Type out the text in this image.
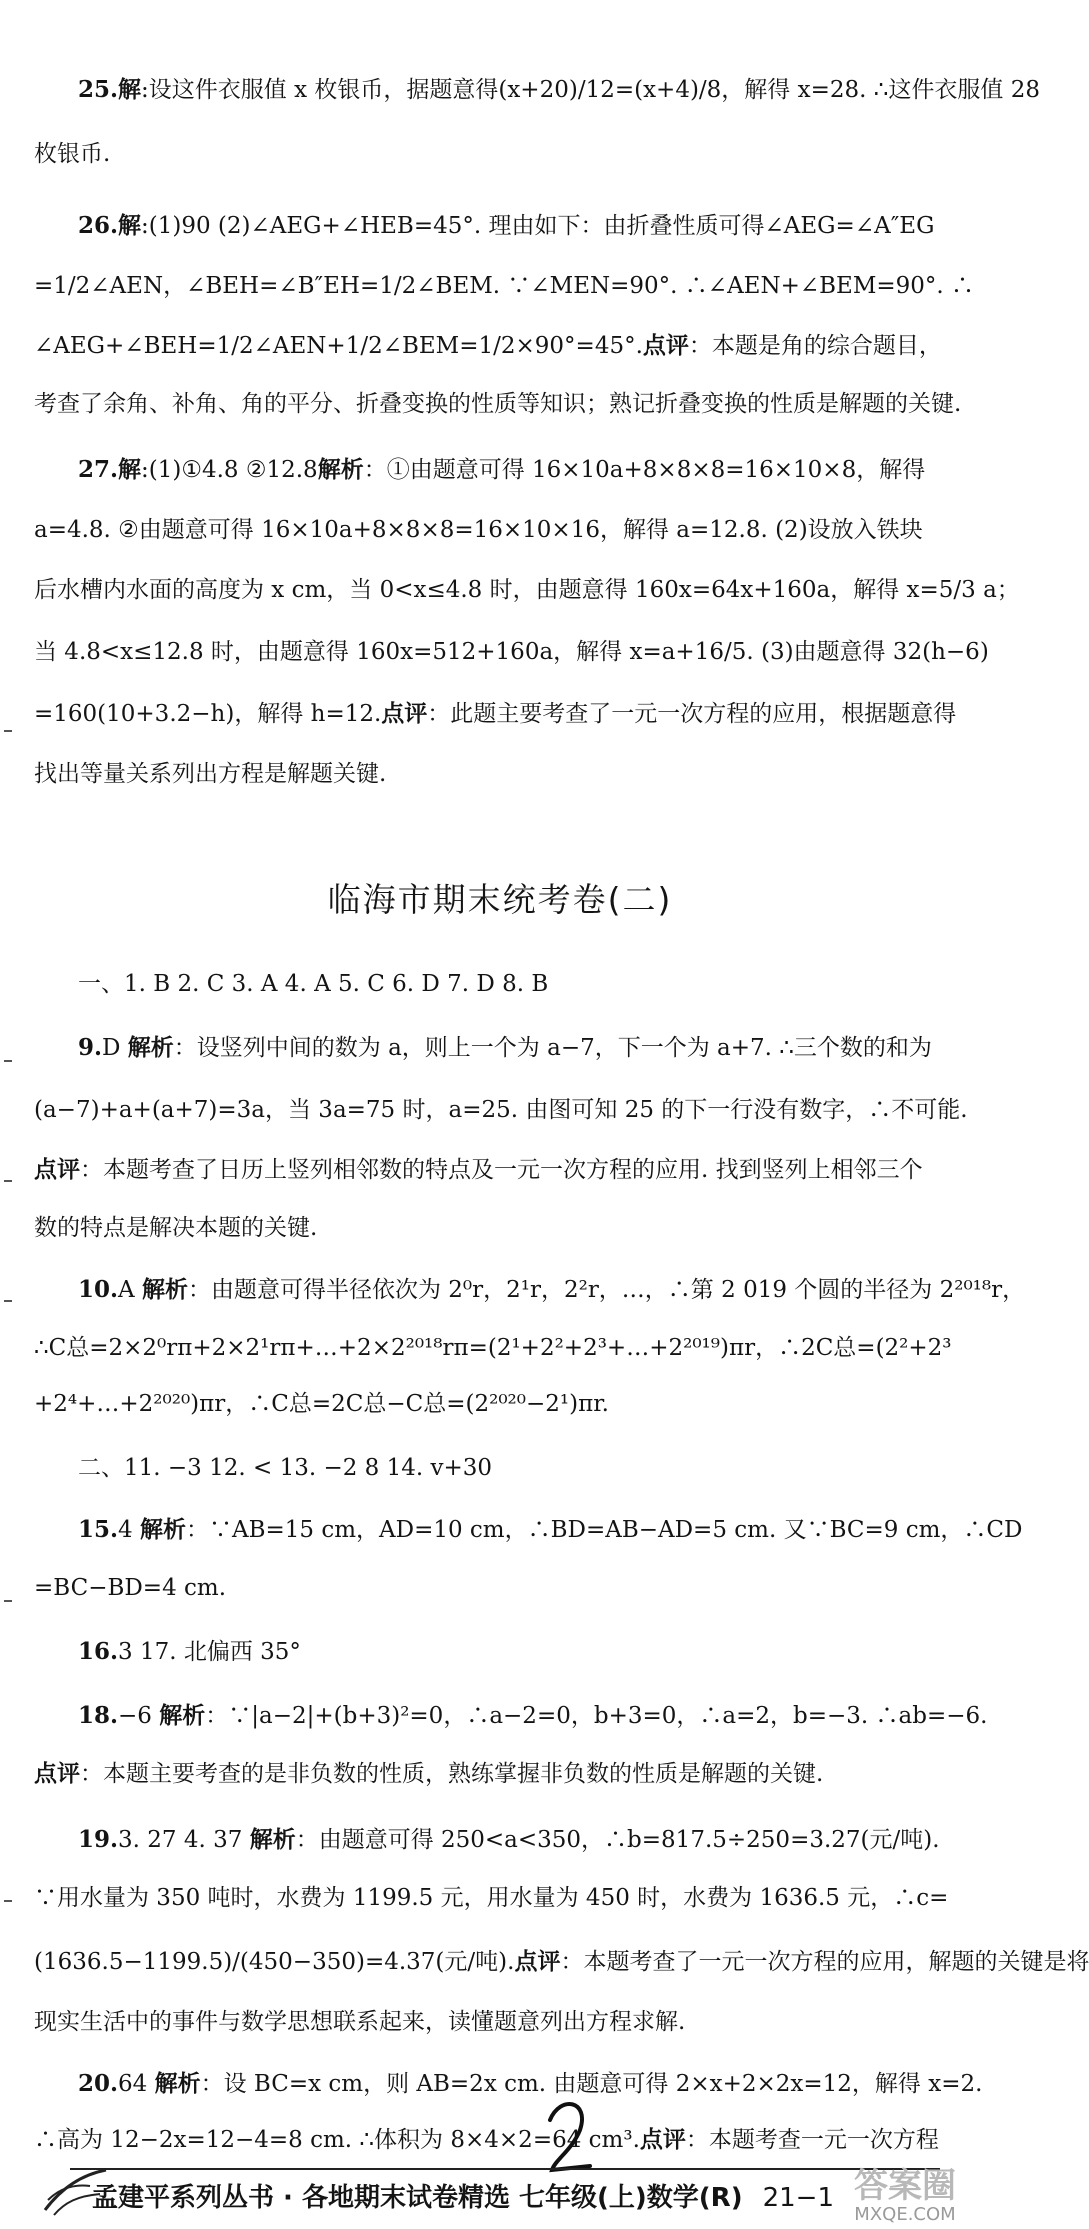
25.解:设这件衣服值 x 枚银币，据题意得(x+20)/12=(x+4)/8，解得 x=28. ∴这件衣服值 28
枚银币.
26.解:(1)90 (2)∠AEG+∠HEB=45°. 理由如下：由折叠性质可得∠AEG=∠A″EG
=1/2∠AEN，∠BEH=∠B″EH=1/2∠BEM. ∵∠MEN=90°. ∴∠AEN+∠BEM=90°. ∴
∠AEG+∠BEH=1/2∠AEN+1/2∠BEM=1/2×90°=45°.点评：本题是角的综合题目，
考查了余角、补角、角的平分、折叠变换的性质等知识；熟记折叠变换的性质是解题的关键.
27.解:(1)①4.8 ②12.8解析：①由题意可得 16×10a+8×8×8=16×10×8，解得
a=4.8. ②由题意可得 16×10a+8×8×8=16×10×16，解得 a=12.8. (2)设放入铁块
后水槽内水面的高度为 x cm，当 0<x≤4.8 时，由题意得 160x=64x+160a，解得 x=5/3 a；
当 4.8<x≤12.8 时，由题意得 160x=512+160a，解得 x=a+16/5. (3)由题意得 32(h−6)
=160(10+3.2−h)，解得 h=12.点评：此题主要考查了一元一次方程的应用，根据题意得
找出等量关系列出方程是解题关键.
临海市期末统考卷(二)
一、1. B 2. C 3. A 4. A 5. C 6. D 7. D 8. B
9.D 解析：设竖列中间的数为 a，则上一个为 a−7，下一个为 a+7. ∴三个数的和为
(a−7)+a+(a+7)=3a，当 3a=75 时，a=25. 由图可知 25 的下一行没有数字，∴不可能.
点评：本题考查了日历上竖列相邻数的特点及一元一次方程的应用. 找到竖列上相邻三个
数的特点是解决本题的关键.
10.A 解析：由题意可得半径依次为 2⁰r，2¹r，2²r，…，∴第 2 019 个圆的半径为 2²⁰¹⁸r，
∴C总=2×2⁰rπ+2×2¹rπ+…+2×2²⁰¹⁸rπ=(2¹+2²+2³+…+2²⁰¹⁹)πr，∴2C总=(2²+2³
+2⁴+…+2²⁰²⁰)πr，∴C总=2C总−C总=(2²⁰²⁰−2¹)πr.
二、11. −3 12. < 13. −2 8 14. v+30
15.4 解析：∵AB=15 cm，AD=10 cm，∴BD=AB−AD=5 cm. 又∵BC=9 cm，∴CD
=BC−BD=4 cm.
16.3 17. 北偏西 35°
18.−6 解析：∵|a−2|+(b+3)²=0，∴a−2=0，b+3=0，∴a=2，b=−3. ∴ab=−6.
点评：本题主要考查的是非负数的性质，熟练掌握非负数的性质是解题的关键.
19.3. 27 4. 37 解析：由题意可得 250<a<350，∴b=817.5÷250=3.27(元/吨).
∵用水量为 350 吨时，水费为 1199.5 元，用水量为 450 时，水费为 1636.5 元，∴c=
(1636.5−1199.5)/(450−350)=4.37(元/吨).点评：本题考查了一元一次方程的应用，解题的关键是将
现实生活中的事件与数学思想联系起来，读懂题意列出方程求解.
20.64 解析：设 BC=x cm，则 AB=2x cm. 由题意可得 2×x+2×2x=12，解得 x=2.
∴高为 12−2x=12−4=8 cm. ∴体积为 8×4×2=64 cm³.点评：本题考查一元一次方程
孟建平系列丛书 · 各地期末试卷精选 七年级(上)数学(R) 21−1 答案圈
MXQE.COM
